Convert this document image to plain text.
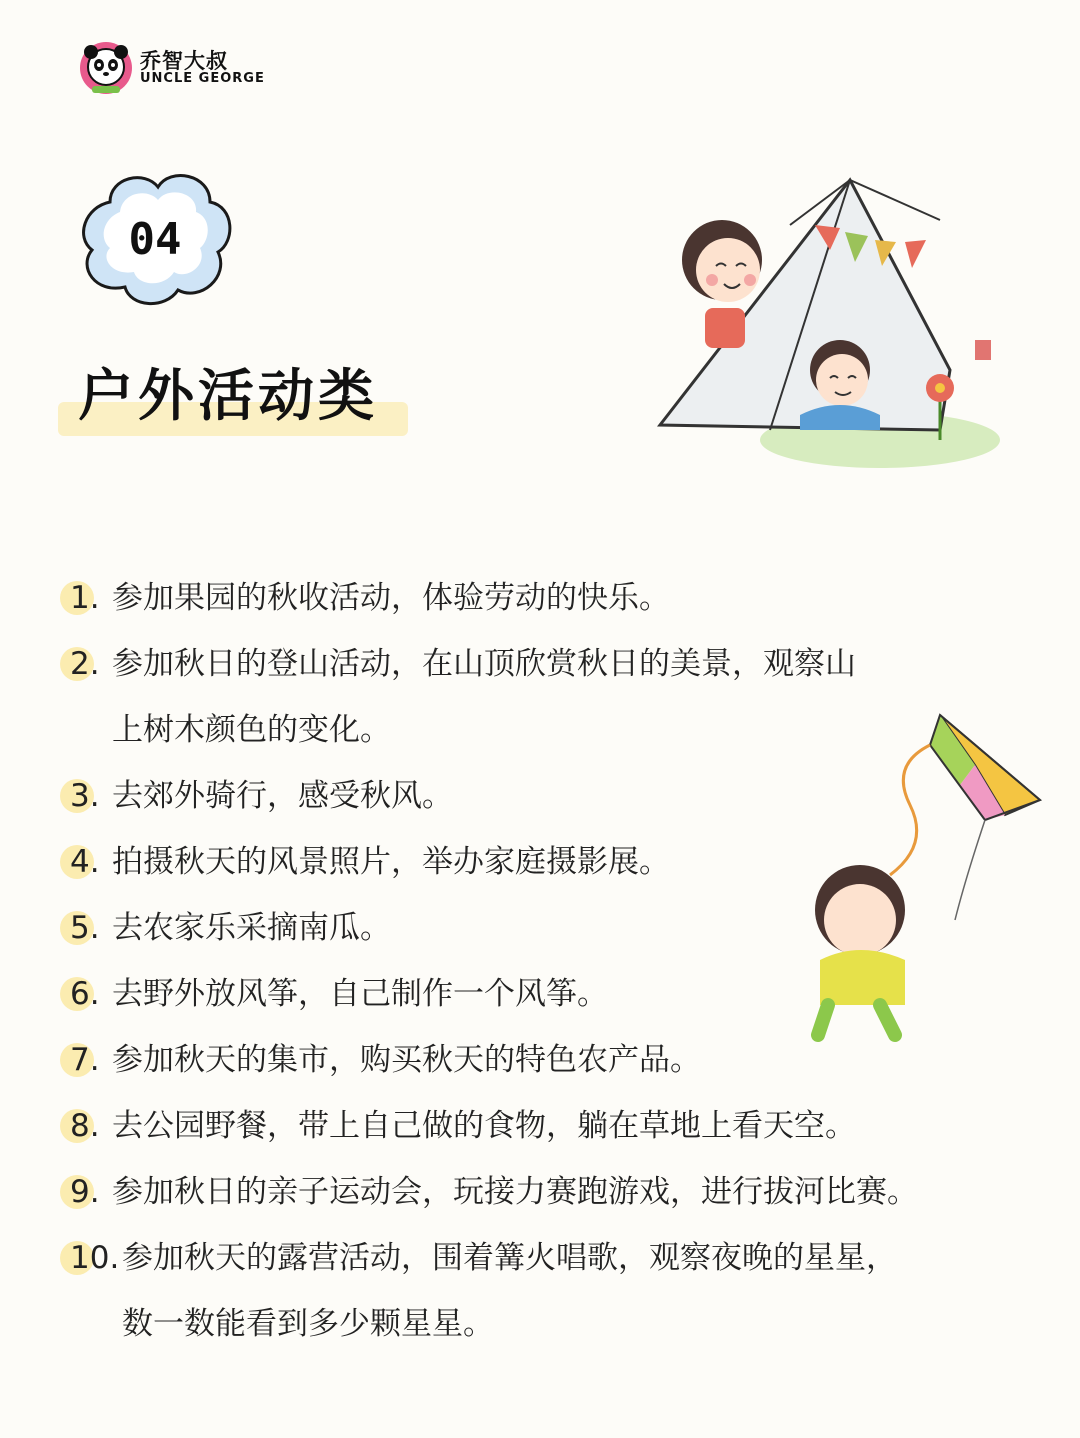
乔智大叔
UNCLE GEORGE
04
户外活动类
1. 参加果园的秋收活动，体验劳动的快乐。
2. 参加秋日的登山活动，在山顶欣赏秋日的美景，观察山
上树木颜色的变化。
3. 去郊外骑行，感受秋风。
4. 拍摄秋天的风景照片，举办家庭摄影展。
5. 去农家乐采摘南瓜。
6. 去野外放风筝，自己制作一个风筝。
7. 参加秋天的集市，购买秋天的特色农产品。
8. 去公园野餐，带上自己做的食物，躺在草地上看天空。
9. 参加秋日的亲子运动会，玩接力赛跑游戏，进行拔河比赛。
10. 参加秋天的露营活动，围着篝火唱歌，观察夜晚的星星，
数一数能看到多少颗星星。
